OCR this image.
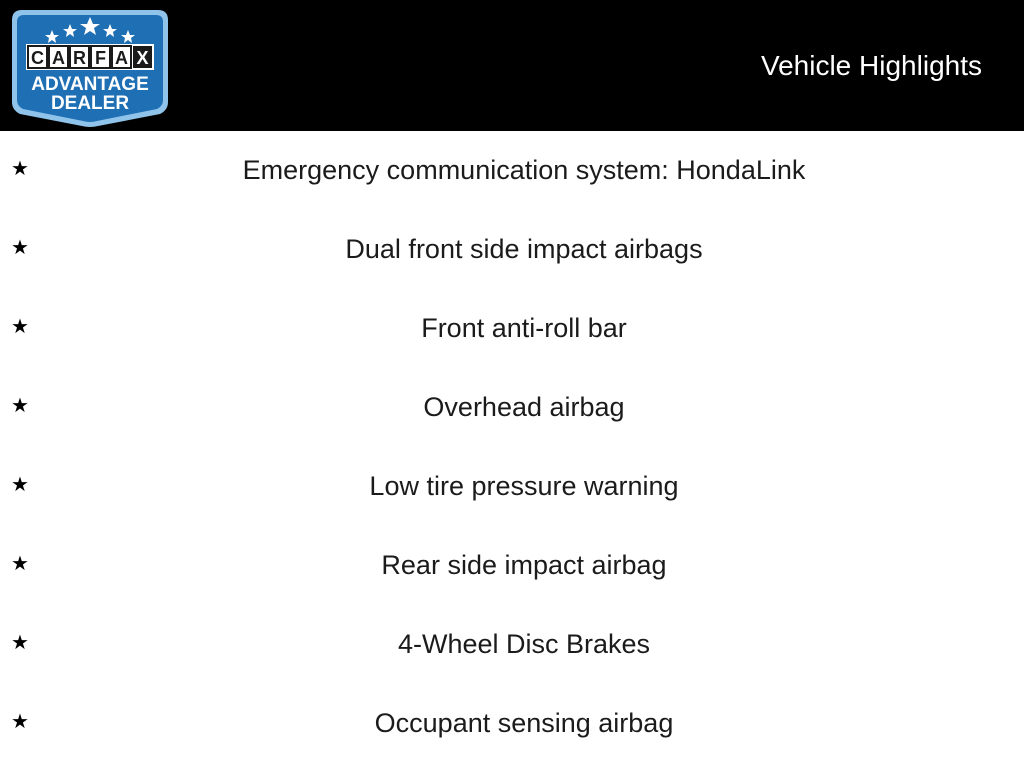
C A R F A X
ADVANTAGE
DEALER
Vehicle Highlights
★	Emergency communication system: HondaLink
★	Dual front side impact airbags
★	Front anti-roll bar
★	Overhead airbag
★	Low tire pressure warning
★	Rear side impact airbag
★	4-Wheel Disc Brakes
★	Occupant sensing airbag
